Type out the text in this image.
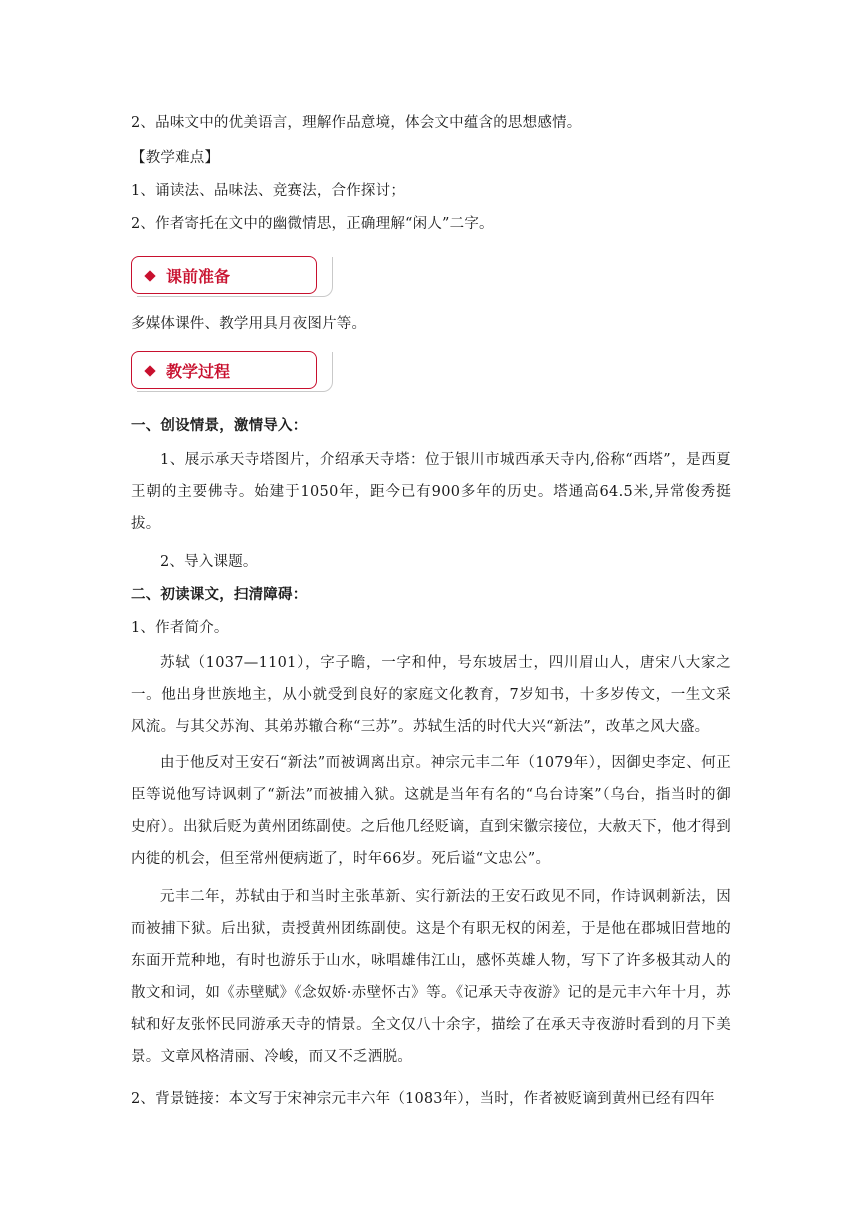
2、品味文中的优美语言，理解作品意境，体会文中蕴含的思想感情。
【教学难点】
1、诵读法、品味法、竞赛法，合作探讨；
2、作者寄托在文中的幽微情思，正确理解“闲人”二字。
课前准备
多媒体课件、教学用具月夜图片等。
教学过程
一、创设情景，激情导入：
1、展示承天寺塔图片，介绍承天寺塔：位于银川市城西承天寺内,俗称“西塔”，是西夏王朝的主要佛寺。始建于1050年，距今已有900多年的历史。塔通高64.5米,异常俊秀挺拔。
2、导入课题。
二、初读课文，扫清障碍：
1、作者简介。
苏轼（1037—1101），字子瞻，一字和仲，号东坡居士，四川眉山人，唐宋八大家之一。他出身世族地主，从小就受到良好的家庭文化教育，7岁知书，十多岁传文，一生文采风流。与其父苏洵、其弟苏辙合称“三苏”。苏轼生活的时代大兴“新法”，改革之风大盛。
由于他反对王安石“新法”而被调离出京。神宗元丰二年（1079年），因御史李定、何正臣等说他写诗讽刺了“新法”而被捕入狱。这就是当年有名的“乌台诗案”（乌台，指当时的御史府）。出狱后贬为黄州团练副使。之后他几经贬谪，直到宋徽宗接位，大赦天下，他才得到内徙的机会，但至常州便病逝了，时年66岁。死后谥“文忠公”。
元丰二年，苏轼由于和当时主张革新、实行新法的王安石政见不同，作诗讽刺新法，因而被捕下狱。后出狱，责授黄州团练副使。这是个有职无权的闲差，于是他在郡城旧营地的东面开荒种地，有时也游乐于山水，咏唱雄伟江山，感怀英雄人物，写下了许多极其动人的散文和词，如《赤壁赋》《念奴娇·赤壁怀古》等。《记承天寺夜游》记的是元丰六年十月，苏轼和好友张怀民同游承天寺的情景。全文仅八十余字，描绘了在承天寺夜游时看到的月下美景。文章风格清丽、冷峻，而又不乏洒脱。
2、背景链接：本文写于宋神宗元丰六年（1083年），当时，作者被贬谪到黄州已经有四年
